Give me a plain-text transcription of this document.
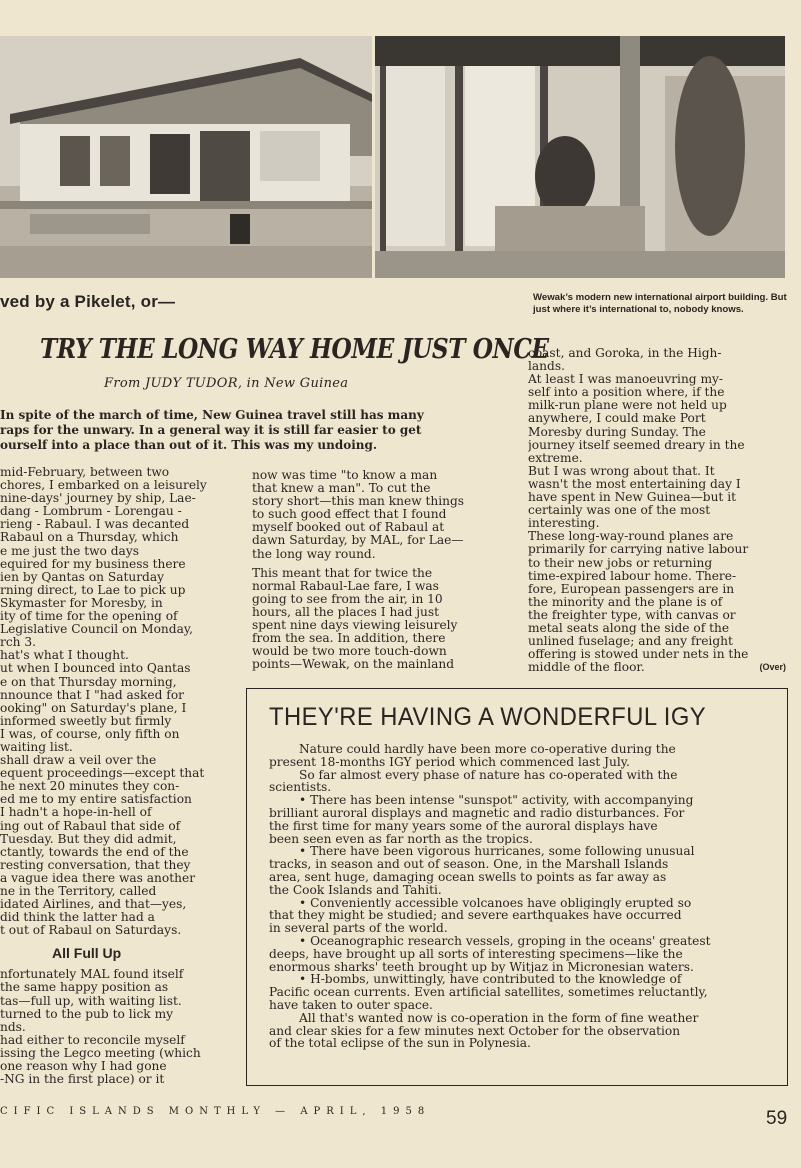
ved by a Pikelet, or—	Wewak’s modern new international airport building. But just where it’s international to, nobody knows.
TRY THE LONG WAY HOME JUST ONCE
From JUDY TUDOR, in New Guinea
In spite of the march of time, New Guinea travel still has many
raps for the unwary. In a general way it is still far easier to get
ourself into a place than out of it. This was my undoing.
mid-February, between two
chores, I embarked on a leisurely
nine-days' journey by ship, Lae-
dang - Lombrum - Lorengau -
rieng - Rabaul. I was decanted
Rabaul on a Thursday, which
e me just the two days
equired for my business there
ien by Qantas on Saturday
rning direct, to Lae to pick up
Skymaster for Moresby, in
ity of time for the opening of
Legislative Council on Monday,
rch 3.
hat's what I thought.
ut when I bounced into Qantas
e on that Thursday morning,
nnounce that I "had asked for
ooking" on Saturday's plane, I
informed sweetly but firmly
I was, of course, only fifth on
waiting list.
shall draw a veil over the
equent proceedings—except that
he next 20 minutes they con-
ed me to my entire satisfaction
I hadn't a hope-in-hell of
ing out of Rabaul that side of
Tuesday. But they did admit,
ctantly, towards the end of the
resting conversation, that they
a vague idea there was another
ne in the Territory, called
idated Airlines, and that—yes,
did think the latter had a
t out of Rabaul on Saturdays.
All Full Up
nfortunately MAL found itself
the same happy position as
tas—full up, with waiting list.
turned to the pub to lick my
nds.
had either to reconcile myself
issing the Legco meeting (which
one reason why I had gone
-NG in the first place) or it
now was time "to know a man
that knew a man". To cut the
story short—this man knew things
to such good effect that I found
myself booked out of Rabaul at
dawn Saturday, by MAL, for Lae—
the long way round.
This meant that for twice the
normal Rabaul-Lae fare, I was
going to see from the air, in 10
hours, all the places I had just
spent nine days viewing leisurely
from the sea. In addition, there
would be two more touch-down
points—Wewak, on the mainland
coast, and Goroka, in the High-
lands.
At least I was manoeuvring my-
self into a position where, if the
milk-run plane were not held up
anywhere, I could make Port
Moresby during Sunday. The
journey itself seemed dreary in the
extreme.
But I was wrong about that. It
wasn't the most entertaining day I
have spent in New Guinea—but it
certainly was one of the most
interesting.
These long-way-round planes are
primarily for carrying native labour
to their new jobs or returning
time-expired labour home. There-
fore, European passengers are in
the minority and the plane is of
the freighter type, with canvas or
metal seats along the side of the
unlined fuselage; and any freight
offering is stowed under nets in the
middle of the floor.	(Over)
THEY'RE HAVING A WONDERFUL IGY
Nature could hardly have been more co-operative during the
present 18-months IGY period which commenced last July.
So far almost every phase of nature has co-operated with the
scientists.
• There has been intense "sunspot" activity, with accompanying
brilliant auroral displays and magnetic and radio disturbances. For
the first time for many years some of the auroral displays have
been seen even as far north as the tropics.
• There have been vigorous hurricanes, some following unusual
tracks, in season and out of season. One, in the Marshall Islands
area, sent huge, damaging ocean swells to points as far away as
the Cook Islands and Tahiti.
• Conveniently accessible volcanoes have obligingly erupted so
that they might be studied; and severe earthquakes have occurred
in several parts of the world.
• Oceanographic research vessels, groping in the oceans' greatest
deeps, have brought up all sorts of interesting specimens—like the
enormous sharks' teeth brought up by Witjaz in Micronesian waters.
• H-bombs, unwittingly, have contributed to the knowledge of
Pacific ocean currents. Even artificial satellites, sometimes reluctantly,
have taken to outer space.
All that's wanted now is co-operation in the form of fine weather
and clear skies for a few minutes next October for the observation
of the total eclipse of the sun in Polynesia.
CIFIC ISLANDS MONTHLY — APRIL, 1958	59
